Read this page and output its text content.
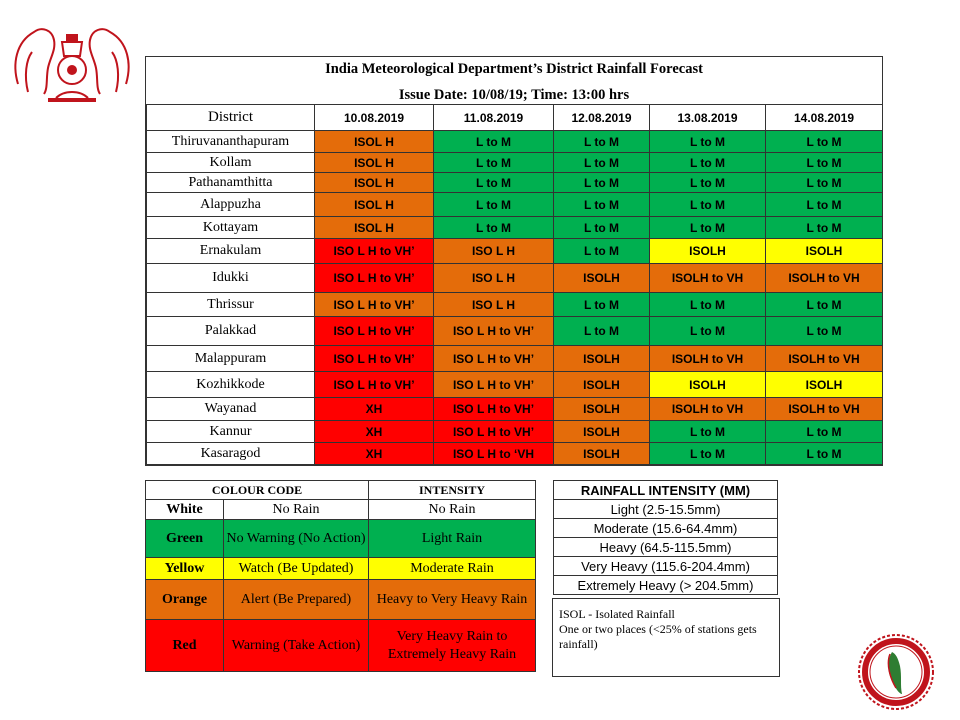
India Meteorological Department’s District Rainfall Forecast
Issue Date: 10/08/19; Time: 13:00 hrs
District	10.08.2019	11.08.2019	12.08.2019	13.08.2019	14.08.2019
Thiruvananthapuram	ISOL H	L to M	L to M	L to M	L to M
Kollam	ISOL H	L to M	L to M	L to M	L to M
Pathanamthitta	ISOL H	L to M	L to M	L to M	L to M
Alappuzha	ISOL H	L to M	L to M	L to M	L to M
Kottayam	ISOL H	L to M	L to M	L to M	L to M
Ernakulam	ISO L H to VH’	ISO L H	L to M	ISOLH	ISOLH
Idukki	ISO L H to VH’	ISO L H	ISOLH	ISOLH to VH	ISOLH to VH
Thrissur	ISO L H to VH’	ISO L H	L to M	L to M	L to M
Palakkad	ISO L H to VH’	ISO L H to VH’	L to M	L to M	L to M
Malappuram	ISO L H to VH’	ISO L H to VH’	ISOLH	ISOLH to VH	ISOLH to VH
Kozhikkode	ISO L H to VH’	ISO L H to VH’	ISOLH	ISOLH	ISOLH
Wayanad	XH	ISO L H to VH’	ISOLH	ISOLH to VH	ISOLH to VH
Kannur	XH	ISO L H to VH’	ISOLH	L to M	L to M
Kasaragod	XH	ISO L H to ‘VH	ISOLH	L to M	L to M
COLOUR CODE		INTENSITY
White	No Rain	No Rain
Green	No Warning (No Action)	Light Rain
Yellow	Watch (Be Updated)	Moderate Rain
Orange	Alert (Be Prepared)	Heavy to Very Heavy Rain
Red	Warning (Take Action)	Very Heavy Rain to Extremely Heavy Rain
RAINFALL INTENSITY (MM)
Light (2.5-15.5mm)
Moderate (15.6-64.4mm)
Heavy (64.5-115.5mm)
Very Heavy (115.6-204.4mm)
Extremely Heavy (> 204.5mm)
ISOL - Isolated Rainfall
One or two places (<25% of stations gets rainfall)
